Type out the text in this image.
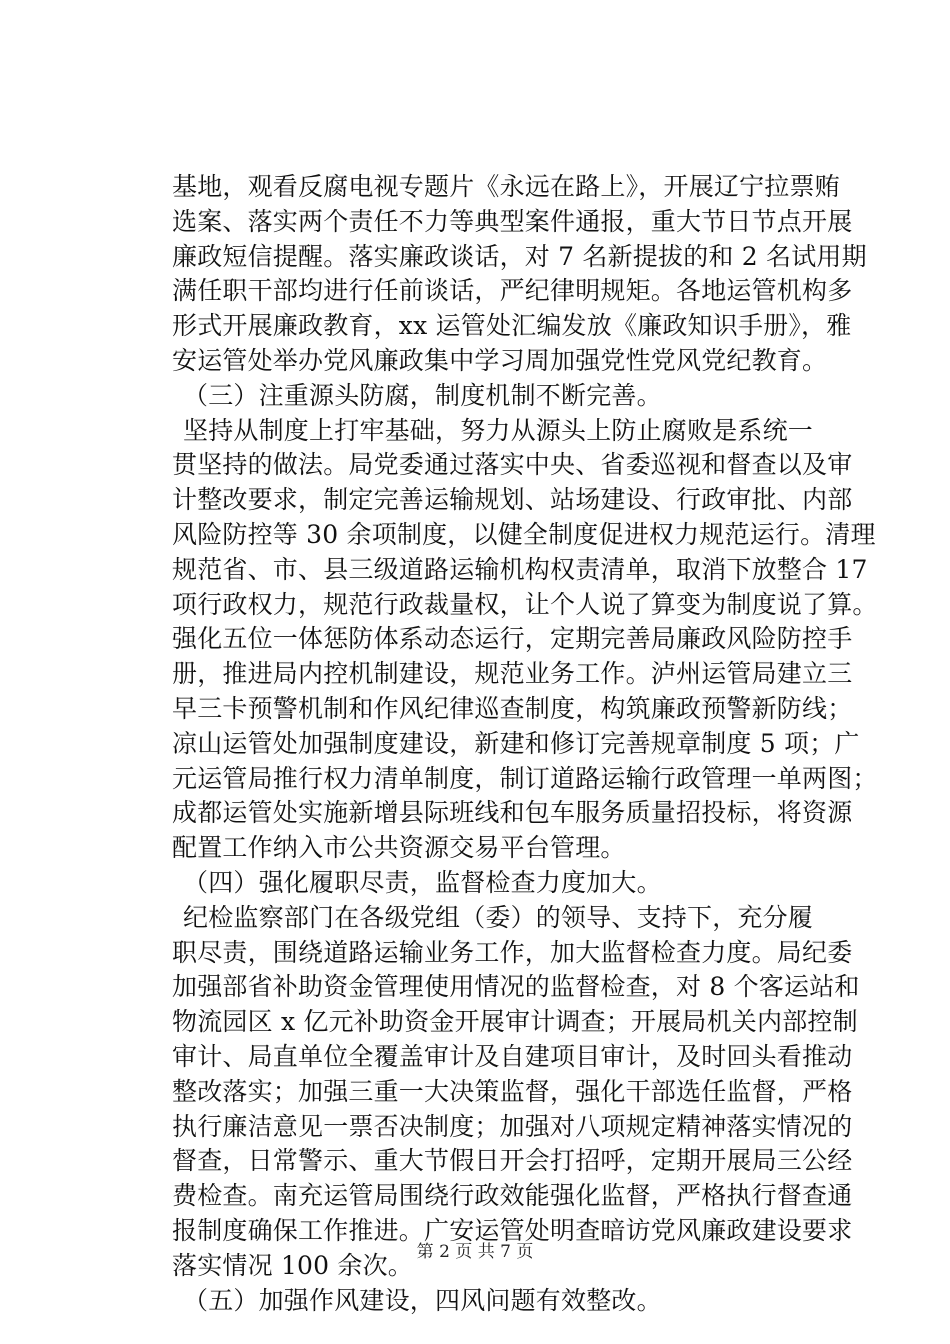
基地，观看反腐电视专题片《永远在路上》，开展辽宁拉票贿
选案、落实两个责任不力等典型案件通报，重大节日节点开展
廉政短信提醒。落实廉政谈话，对 7 名新提拔的和 2 名试用期
满任职干部均进行任前谈话，严纪律明规矩。各地运管机构多
形式开展廉政教育，xx 运管处汇编发放《廉政知识手册》，雅
安运管处举办党风廉政集中学习周加强党性党风党纪教育。
（三）注重源头防腐，制度机制不断完善。
坚持从制度上打牢基础，努力从源头上防止腐败是系统一
贯坚持的做法。局党委通过落实中央、省委巡视和督查以及审
计整改要求，制定完善运输规划、站场建设、行政审批、内部
风险防控等 30 余项制度，以健全制度促进权力规范运行。清理
规范省、市、县三级道路运输机构权责清单，取消下放整合 17
项行政权力，规范行政裁量权，让个人说了算变为制度说了算。
强化五位一体惩防体系动态运行，定期完善局廉政风险防控手
册，推进局内控机制建设，规范业务工作。泸州运管局建立三
早三卡预警机制和作风纪律巡查制度，构筑廉政预警新防线；
凉山运管处加强制度建设，新建和修订完善规章制度 5 项；广
元运管局推行权力清单制度，制订道路运输行政管理一单两图；
成都运管处实施新增县际班线和包车服务质量招投标，将资源
配置工作纳入市公共资源交易平台管理。
（四）强化履职尽责，监督检查力度加大。
纪检监察部门在各级党组（委）的领导、支持下，充分履
职尽责，围绕道路运输业务工作，加大监督检查力度。局纪委
加强部省补助资金管理使用情况的监督检查，对 8 个客运站和
物流园区 x 亿元补助资金开展审计调查；开展局机关内部控制
审计、局直单位全覆盖审计及自建项目审计，及时回头看推动
整改落实；加强三重一大决策监督，强化干部选任监督，严格
执行廉洁意见一票否决制度；加强对八项规定精神落实情况的
督查，日常警示、重大节假日开会打招呼，定期开展局三公经
费检查。南充运管局围绕行政效能强化监督，严格执行督查通
报制度确保工作推进。广安运管处明查暗访党风廉政建设要求
落实情况 100 余次。
（五）加强作风建设，四风问题有效整改。
第 2 页 共 7 页
